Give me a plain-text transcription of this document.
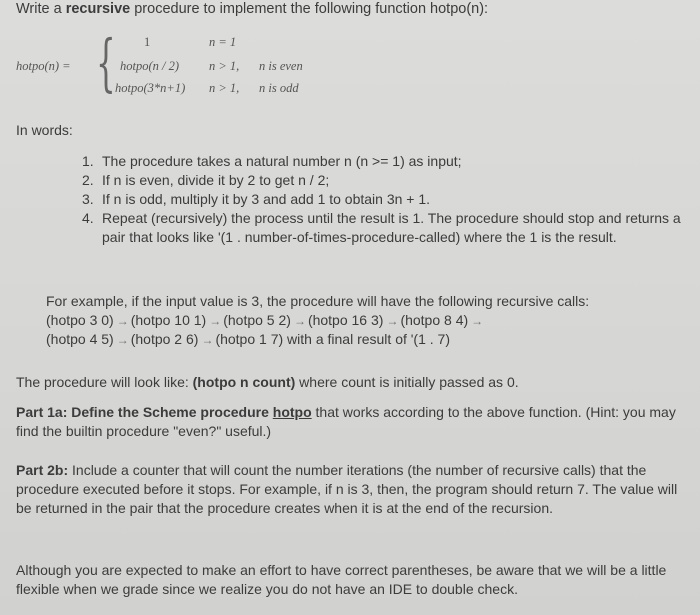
Write a recursive procedure to implement the following function hotpo(n):
hotpo(n) = { 1	n = 1
hotpo(n / 2) n > 1, n is even
hotpo(3*n+1) n > 1, n is odd
In words:
1. The procedure takes a natural number n (n >= 1) as input;
2. If n is even, divide it by 2 to get n / 2;
3. If n is odd, multiply it by 3 and add 1 to obtain 3n + 1.
4. Repeat (recursively) the process until the result is 1. The procedure should stop and returns a pair that looks like '(1 . number-of-times-procedure-called) where the 1 is the result.
For example, if the input value is 3, the procedure will have the following recursive calls:
(hotpo 3 0) → (hotpo 10 1) → (hotpo 5 2) → (hotpo 16 3) → (hotpo 8 4) →
(hotpo 4 5) → (hotpo 2 6) → (hotpo 1 7) with a final result of '(1 . 7)
The procedure will look like: (hotpo n count) where count is initially passed as 0.
Part 1a: Define the Scheme procedure hotpo that works according to the above function. (Hint: you may find the builtin procedure "even?" useful.)
Part 2b: Include a counter that will count the number iterations (the number of recursive calls) that the procedure executed before it stops. For example, if n is 3, then, the program should return 7. The value will be returned in the pair that the procedure creates when it is at the end of the recursion.
Although you are expected to make an effort to have correct parentheses, be aware that we will be a little flexible when we grade since we realize you do not have an IDE to double check.
